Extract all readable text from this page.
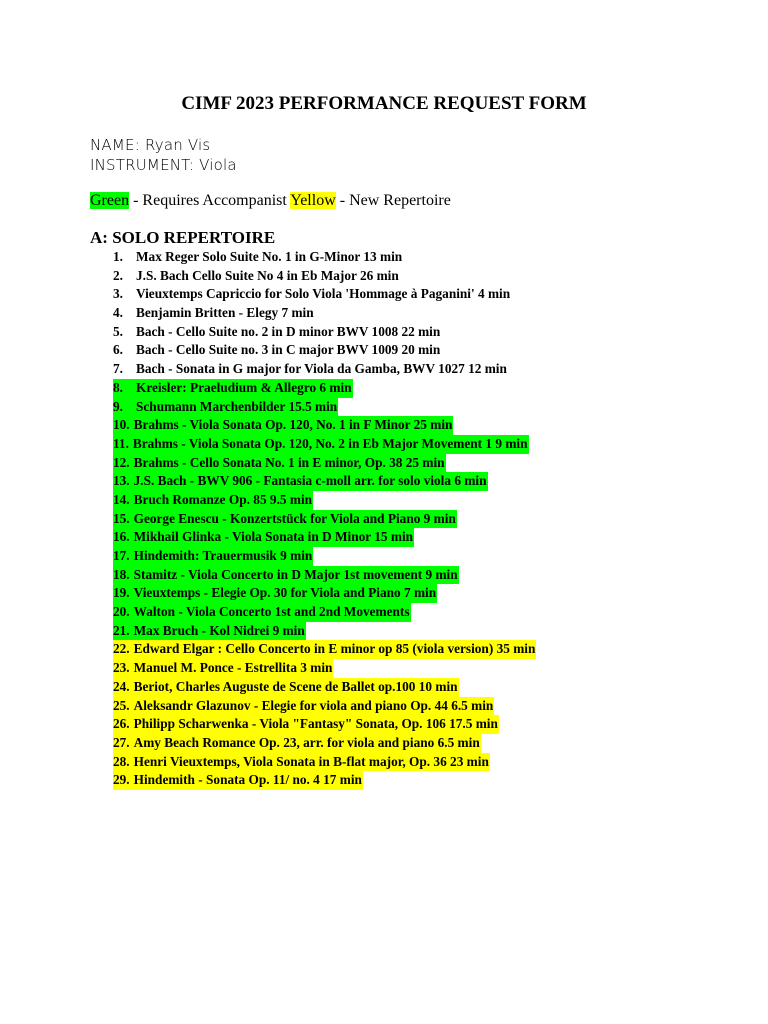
CIMF 2023 PERFORMANCE REQUEST FORM
NAME: Ryan Vis
INSTRUMENT: Viola
Green - Requires Accompanist Yellow - New Repertoire
A: SOLO REPERTOIRE
1. Max Reger Solo Suite No. 1 in G-Minor 13 min
2. J.S. Bach Cello Suite No 4 in Eb Major 26 min
3. Vieuxtemps Capriccio for Solo Viola 'Hommage à Paganini' 4 min
4. Benjamin Britten - Elegy 7 min
5. Bach - Cello Suite no. 2 in D minor BWV 1008 22 min
6. Bach - Cello Suite no. 3 in C major BWV 1009 20 min
7. Bach - Sonata in G major for Viola da Gamba, BWV 1027 12 min
8. Kreisler: Praeludium & Allegro 6 min
9. Schumann Marchenbilder 15.5 min
10. Brahms - Viola Sonata Op. 120, No. 1 in F Minor 25 min
11. Brahms - Viola Sonata Op. 120, No. 2 in Eb Major Movement 1 9 min
12. Brahms - Cello Sonata No. 1 in E minor, Op. 38 25 min
13. J.S. Bach - BWV 906 - Fantasia c-moll arr. for solo viola 6 min
14. Bruch Romanze Op. 85 9.5 min
15. George Enescu - Konzertstück for Viola and Piano 9 min
16. Mikhail Glinka - Viola Sonata in D Minor 15 min
17. Hindemith: Trauermusik 9 min
18. Stamitz - Viola Concerto in D Major 1st movement 9 min
19. Vieuxtemps - Elegie Op. 30 for Viola and Piano 7 min
20. Walton - Viola Concerto 1st and 2nd Movements
21. Max Bruch - Kol Nidrei 9 min
22. Edward Elgar : Cello Concerto in E minor op 85 (viola version) 35 min
23. Manuel M. Ponce - Estrellita 3 min
24. Beriot, Charles Auguste de Scene de Ballet op.100 10 min
25. Aleksandr Glazunov - Elegie for viola and piano Op. 44 6.5 min
26. Philipp Scharwenka - Viola "Fantasy" Sonata, Op. 106 17.5 min
27. Amy Beach Romance Op. 23, arr. for viola and piano 6.5 min
28. Henri Vieuxtemps, Viola Sonata in B-flat major, Op. 36 23 min
29. Hindemith - Sonata Op. 11/ no. 4 17 min
